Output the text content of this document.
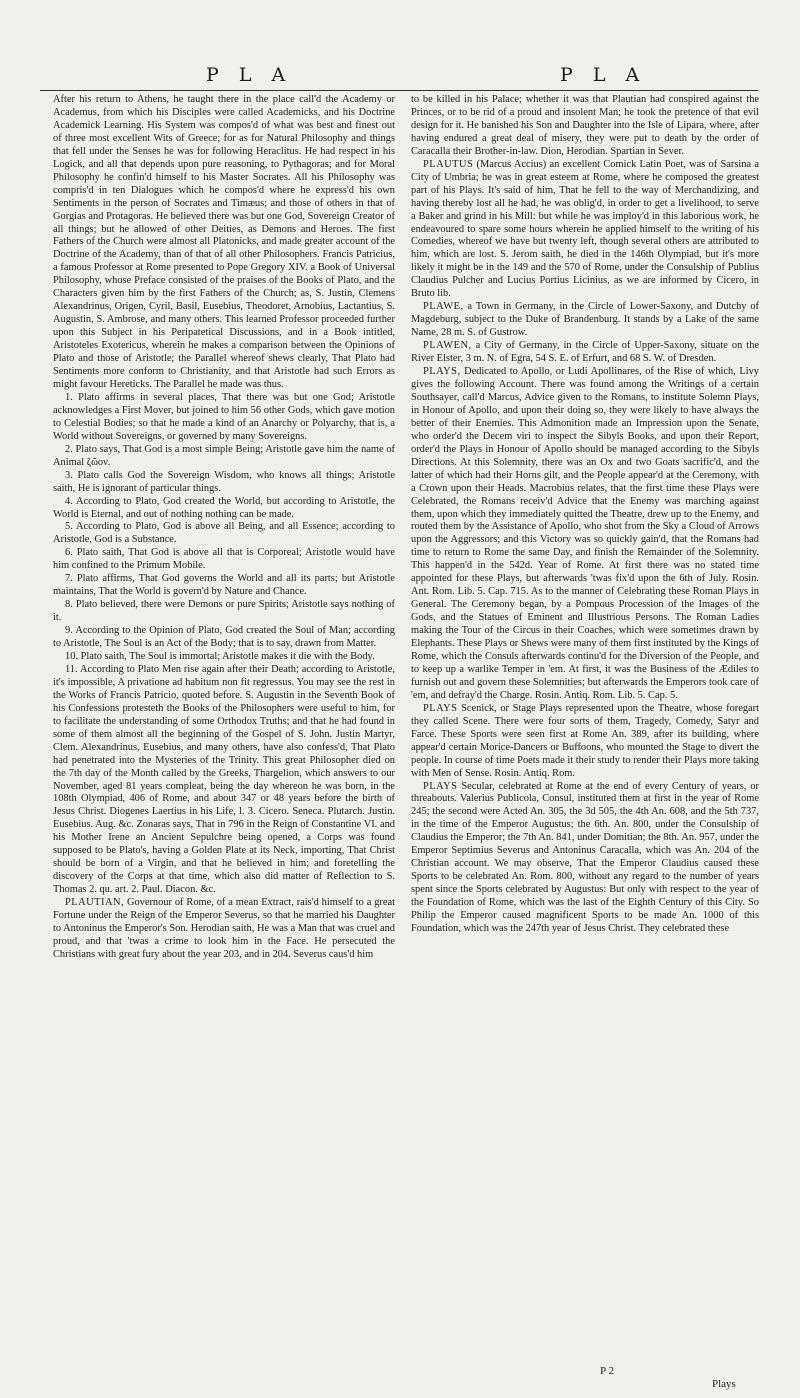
P L A	P L A

After his return to Athens, he taught there in the place call'd the Academy or Academus, from which his Disciples were called Academicks, and his Doctrine Academick Learning. His System was compos'd of what was best and finest out of three most excellent Wits of Greece; for as for Natural Philosophy and things that fell under the Senses he was for following Heraclitus. He had respect in his Logick, and all that depends upon pure reasoning, to Pythagoras; and for Moral Philosophy he confin'd himself to his Master Socrates. All his Philosophy was compris'd in ten Dialogues which he compos'd where he express'd his own Sentiments in the person of Socrates and Timæus; and those of others in that of Gorgias and Protagoras. He believed there was but one God, Sovereign Creator of all things; but he allowed of other Deities, as Demons and Heroes. The first Fathers of the Church were almost all Platonicks, and made greater account of the Doctrine of the Academy, than of that of all other Philosophers. Francis Patricius, a famous Professor at Rome presented to Pope Gregory XIV. a Book of Universal Philosophy, whose Preface consisted of the praises of the Books of Plato, and the Characters given him by the first Fathers of the Church; as, S. Justin, Clemens Alexandrinus, Origen, Cyril, Basil, Eusebius, Theodoret, Arnobius, Lactantius, S. Augustin, S. Ambrose, and many others. This learned Professor proceeded further upon this Subject in his Peripatetical Discussions, and in a Book intitled, Aristoteles Exotericus, wherein he makes a comparison between the Opinions of Plato and those of Aristotle; the Parallel whereof shews clearly, That Plato had Sentiments more conform to Christianity, and that Aristotle had such Errors as might favour Hereticks. The Parallel he made was thus.

1. Plato affirms in several places, That there was but one God; Aristotle acknowledges a First Mover, but joined to him 56 other Gods, which gave motion to Celestial Bodies; so that he made a kind of an Anarchy or Polyarchy, that is, a World without Sovereigns, or governed by many Sovereigns.

2. Plato says, That God is a most simple Being; Aristotle gave him the name of Animal ζῶον.

3. Plato calls God the Sovereign Wisdom, who knows all things; Aristotle saith, He is ignorant of particular things.

4. According to Plato, God created the World, but according to Aristotle, the World is Eternal, and out of nothing nothing can be made.

5. According to Plato, God is above all Being, and all Essence; according to Aristotle, God is a Substance.

6. Plato saith, That God is above all that is Corporeal; Aristotle would have him confined to the Primum Mobile.

7. Plato affirms, That God governs the World and all its parts; but Aristotle maintains, That the World is govern'd by Nature and Chance.

8. Plato believed, there were Demons or pure Spirits; Aristotle says nothing of it.

9. According to the Opinion of Plato, God created the Soul of Man; according to Aristotle, The Soul is an Act of the Body; that is to say, drawn from Matter.

10. Plato saith, The Soul is immortal; Aristotle makes it die with the Body.

11. According to Plato Men rise again after their Death; according to Aristotle, it's impossible, A privatione ad habitum non fit regressus. You may see the rest in the Works of Francis Patricio, quoted before. S. Augustin in the Seventh Book of his Confessions protesteth the Books of the Philosophers were useful to him, for to facilitate the understanding of some Orthodox Truths; and that he had found in some of them almost all the beginning of the Gospel of S. John. Justin Martyr, Clem. Alexandrinus, Eusebius, and many others, have also confess'd, That Plato had penetrated into the Mysteries of the Trinity. This great Philosopher died on the 7th day of the Month called by the Greeks, Thargelion, which answers to our November, aged 81 years compleat, being the day whereon he was born, in the 108th Olympiad, 406 of Rome, and about 347 or 48 years before the birth of Jesus Christ. Diogenes Laertius in his Life, l. 3. Cicero. Seneca. Plutarch. Justin. Eusebius. Aug. &c. Zonaras says, That in 796 in the Reign of Constantine VI. and his Mother Irene an Ancient Sepulchre being opened, a Corps was found supposed to be Plato's, having a Golden Plate at its Neck, importing, That Christ should be born of a Virgin, and that he believed in him; and foretelling the discovery of the Corps at that time, which also did matter of Reflection to S. Thomas 2. qu. art. 2. Paul. Diacon. &c.

PLAUTIAN, Governour of Rome, of a mean Extract, rais'd himself to a great Fortune under the Reign of the Emperor Severus, so that he married his Daughter to Antoninus the Emperor's Son. Herodian saith, He was a Man that was cruel and proud, and that 'twas a crime to look him in the Face. He persecuted the Christians with great fury about the year 203, and in 204. Severus caus'd him

to be killed in his Palace; whether it was that Plautian had conspired against the Princes, or to be rid of a proud and insolent Man; he took the pretence of that evil design for it. He banished his Son and Daughter into the Isle of Lipara, where, after having endured a great deal of misery, they were put to death by the order of Caracalla their Brother-in-law. Dion, Herodian. Spartian in Sever.

PLAUTUS (Marcus Accius) an excellent Comick Latin Poet, was of Sarsina a City of Umbria; he was in great esteem at Rome, where he composed the greatest part of his Plays. It's said of him, That he fell to the way of Merchandizing, and having thereby lost all he had, he was oblig'd, in order to get a livelihood, to serve a Baker and grind in his Mill: but while he was imploy'd in this laborious work, he endeavoured to spare some hours wherein he applied himself to the writing of his Comedies, whereof we have but twenty left, though several others are attributed to him, which are lost. S. Jerom saith, he died in the 146th Olympiad, but it's more likely it might be in the 149 and the 570 of Rome, under the Consulship of Publius Claudius Pulcher and Lucius Portius Licinius, as we are informed by Cicero, in Bruto lib.

PLAWE, a Town in Germany, in the Circle of Lower-Saxony, and Dutchy of Magdeburg, subject to the Duke of Brandenburg. It stands by a Lake of the same Name, 28 m. S. of Gustrow.

PLAWEN, a City of Germany, in the Circle of Upper-Saxony, situate on the River Elster, 3 m. N. of Egra, 54 S. E. of Erfurt, and 68 S. W. of Dresden.

PLAYS, Dedicated to Apollo, or Ludi Apollinares, of the Rise of which, Livy gives the following Account. There was found among the Writings of a certain Southsayer, call'd Marcus, Advice given to the Romans, to institute Solemn Plays, in Honour of Apollo, and upon their doing so, they were likely to have always the better of their Enemies. This Admonition made an Impression upon the Senate, who order'd the Decem viri to inspect the Sibyls Books, and upon their Report, order'd the Plays in Honour of Apollo should be managed according to the Sibyls Directions. At this Solemnity, there was an Ox and two Goats sacrific'd, and the latter of which had their Horns gilt, and the People appear'd at the Ceremony, with a Crown upon their Heads. Macrobius relates, that the first time these Plays were Celebrated, the Romans receiv'd Advice that the Enemy was marching against them, upon which they immediately quitted the Theatre, drew up to the Enemy, and routed them by the Assistance of Apollo, who shot from the Sky a Cloud of Arrows upon the Aggressors; and this Victory was so quickly gain'd, that the Romans had time to return to Rome the same Day, and finish the Remainder of the Solemnity. This happen'd in the 542d. Year of Rome. At first there was no stated time appointed for these Plays, but afterwards 'twas fix'd upon the 6th of July. Rosin. Ant. Rom. Lib. 5. Cap. 715. As to the manner of Celebrating these Roman Plays in General. The Ceremony began, by a Pompous Procession of the Images of the Gods, and the Statues of Eminent and Illustrious Persons. The Roman Ladies making the Tour of the Circus in their Coaches, which were sometimes drawn by Elephants. These Plays or Shews were many of them first instituted by the Kings of Rome, which the Consuls afterwards continu'd for the Diversion of the People, and to keep up a warlike Temper in 'em. At first, it was the Business of the Ædiles to furnish out and govern these Solemnities; but afterwards the Emperors took care of 'em, and defray'd the Charge. Rosin. Antiq. Rom. Lib. 5. Cap. 5.

PLAYS Scenick, or Stage Plays represented upon the Theatre, whose foregart they called Scene. There were four sorts of them, Tragedy, Comedy, Satyr and Farce. These Sports were seen first at Rome An. 389, after its building, where appear'd certain Morice-Dancers or Buffoons, who mounted the Stage to divert the people. In course of time Poets made it their study to render their Plays more taking with Men of Sense. Rosin. Antiq. Rom.

PLAYS Secular, celebrated at Rome at the end of every Century of years, or threabouts. Valerius Publicola, Consul, instituted them at first in the year of Rome 245; the second were Acted An. 305, the 3d 505, the 4th An. 608, and the 5th 737, in the time of the Emperor Augustus; the 6th. An. 800, under the Consulship of Claudius the Emperor; the 7th An. 841, under Domitian; the 8th. An. 957, under the Emperor Septimius Severus and Antoninus Caracalla, which was An. 204 of the Christian account. We may observe, That the Emperor Claudius caused these Sports to be celebrated An. Rom. 800, without any regard to the number of years spent since the Sports celebrated by Augustus: But only with respect to the year of the Foundation of Rome, which was the last of the Eighth Century of this City. So Philip the Emperor caused magnificent Sports to be made An. 1000 of this Foundation, which was the 247th year of Jesus Christ. They celebrated these

P 2
Plays
